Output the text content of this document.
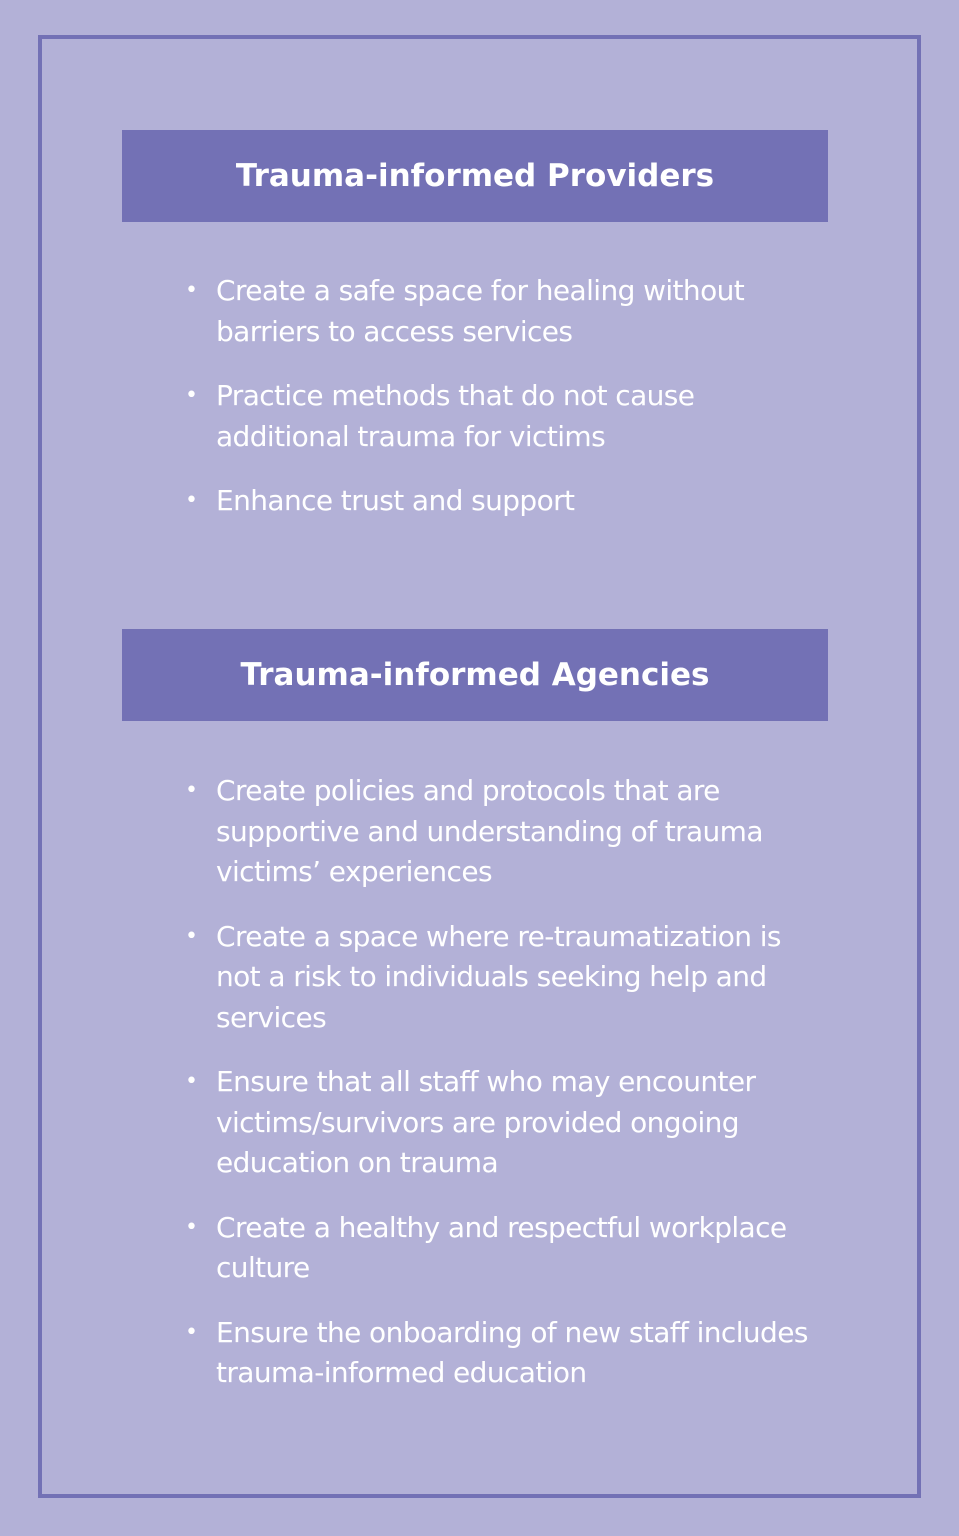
Trauma-informed Providers
• Create a safe space for healing without barriers to access services
• Practice methods that do not cause additional trauma for victims
• Enhance trust and support
Trauma-informed Agencies
• Create policies and protocols that are supportive and understanding of trauma victims’ experiences
• Create a space where re-traumatization is not a risk to individuals seeking help and services
• Ensure that all staff who may encounter victims/survivors are provided ongoing education on trauma
• Create a healthy and respectful workplace culture
• Ensure the onboarding of new staff includes trauma-informed education
